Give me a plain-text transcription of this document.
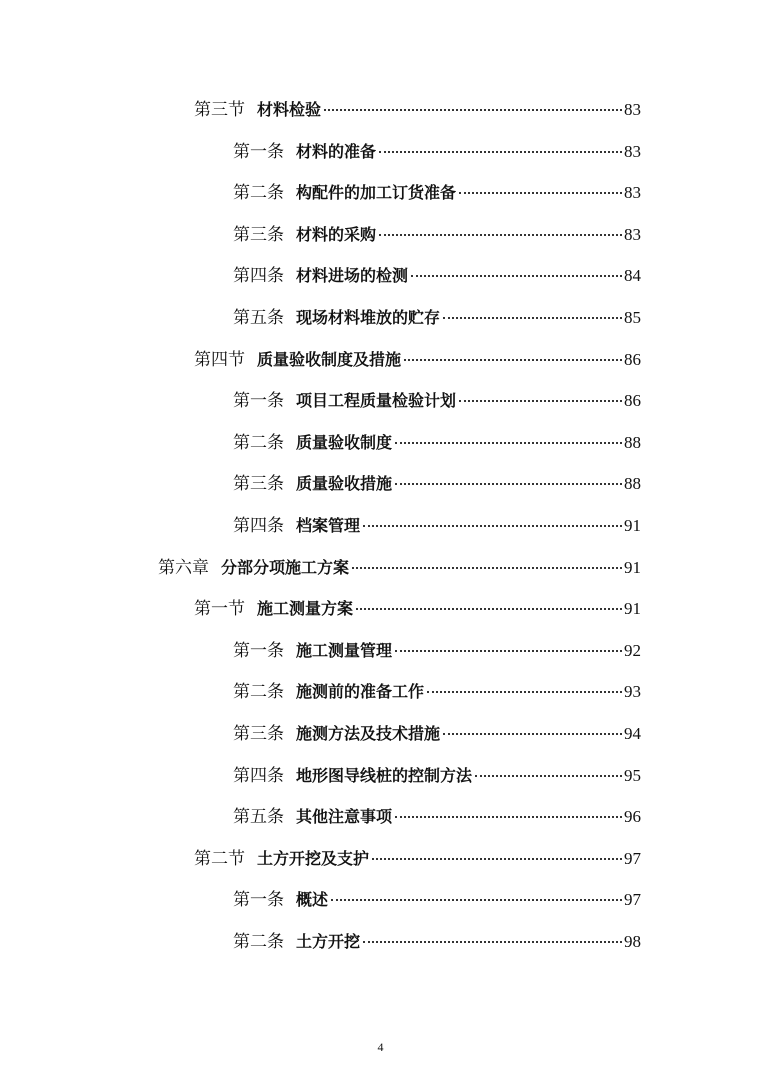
第三节 材料检验	83
第一条 材料的准备	83
第二条 构配件的加工订货准备	83
第三条 材料的采购	83
第四条 材料进场的检测	84
第五条 现场材料堆放的贮存	85
第四节 质量验收制度及措施	86
第一条 项目工程质量检验计划	86
第二条 质量验收制度	88
第三条 质量验收措施	88
第四条 档案管理	91
第六章 分部分项施工方案	91
第一节 施工测量方案	91
第一条 施工测量管理	92
第二条 施测前的准备工作	93
第三条 施测方法及技术措施	94
第四条 地形图导线桩的控制方法	95
第五条 其他注意事项	96
第二节 土方开挖及支护	97
第一条 概述	97
第二条 土方开挖	98
4
